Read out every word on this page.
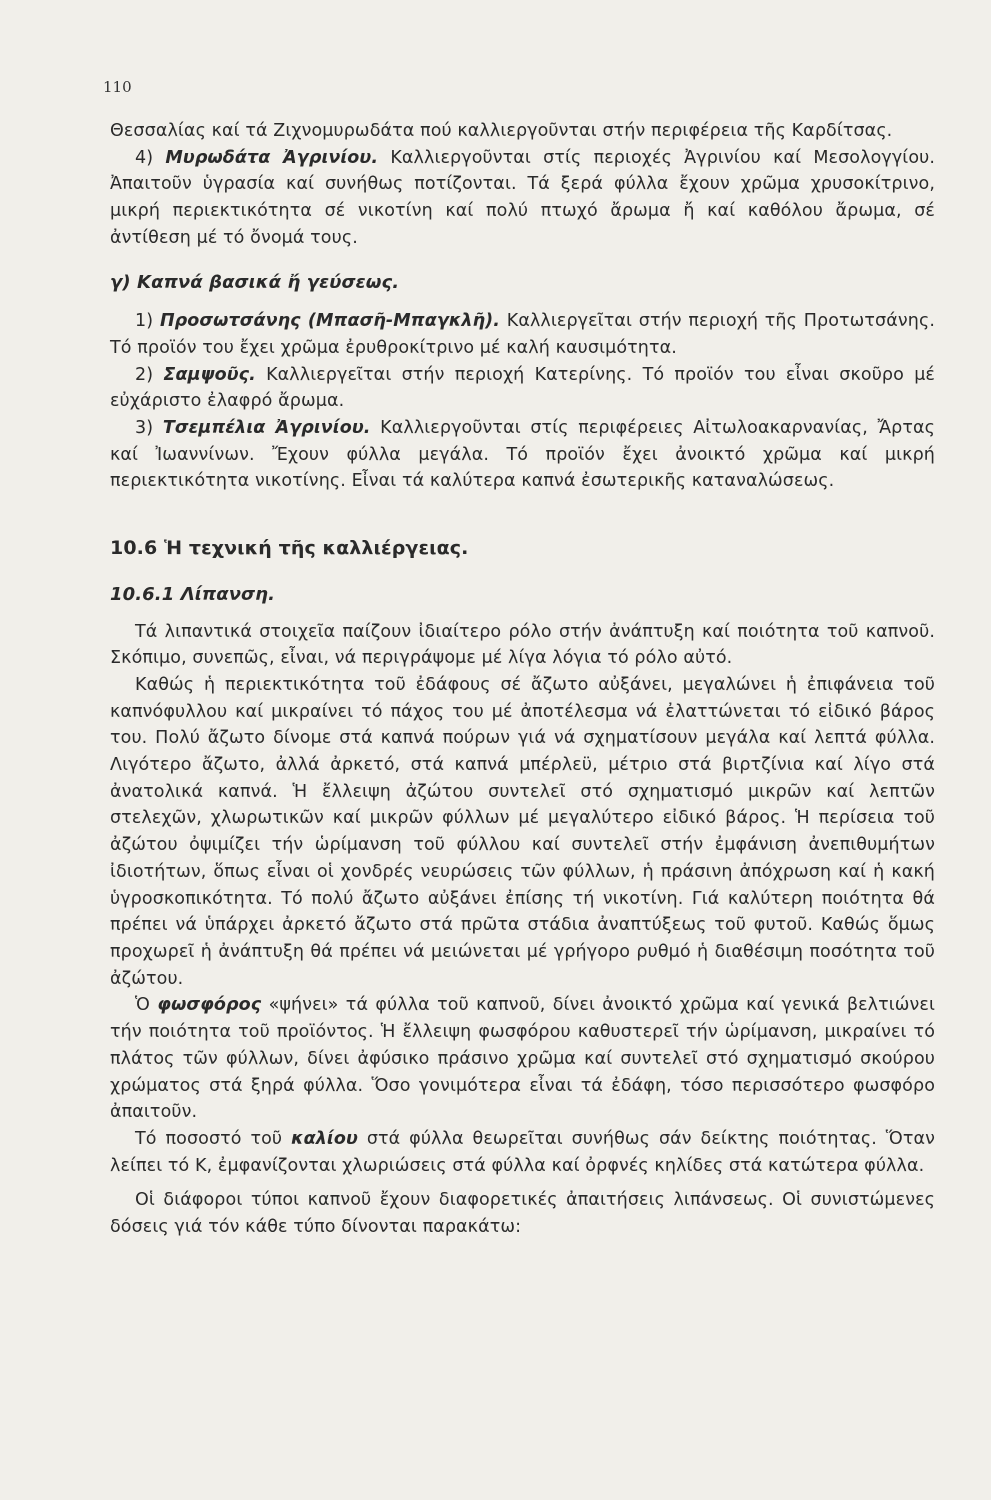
110

Θεσσαλίας καί τά Ζιχνομυρωδάτα πού καλλιεργοῦνται στήν περιφέρεια τῆς Καρδίτσας.

4) Μυρωδάτα Ἀγρινίου. Καλλιεργοῦνται στίς περιοχές Ἀγρινίου καί Μεσολογγίου. Ἀπαιτοῦν ὑγρασία καί συνήθως ποτίζονται. Τά ξερά φύλλα ἔχουν χρῶμα χρυσοκίτρινο, μικρή περιεκτικότητα σέ νικοτίνη καί πολύ πτωχό ἄρωμα ἤ καί καθόλου ἄρωμα, σέ ἀντίθεση μέ τό ὄνομά τους.

γ) Καπνά βασικά ἤ γεύσεως.

1) Προσωτσάνης (Μπασῆ-Μπαγκλῆ). Καλλιεργεῖται στήν περιοχή τῆς Προτωτσάνης. Τό προϊόν του ἔχει χρῶμα ἐρυθροκίτρινο μέ καλή καυσιμότητα.

2) Σαμψοῦς. Καλλιεργεῖται στήν περιοχή Κατερίνης. Τό προϊόν του εἶναι σκοῦρο μέ εὐχάριστο ἐλαφρό ἄρωμα.

3) Τσεμπέλια Ἀγρινίου. Καλλιεργοῦνται στίς περιφέρειες Αἰτωλοακαρνανίας, Ἄρτας καί Ἰωαννίνων. Ἔχουν φύλλα μεγάλα. Τό προϊόν ἔχει ἀνοικτό χρῶμα καί μικρή περιεκτικότητα νικοτίνης. Εἶναι τά καλύτερα καπνά ἐσωτερικῆς καταναλώσεως.

10.6 Ἡ τεχνική τῆς καλλιέργειας.
10.6.1 Λίπανση.

Τά λιπαντικά στοιχεῖα παίζουν ἰδιαίτερο ρόλο στήν ἀνάπτυξη καί ποιότητα τοῦ καπνοῦ. Σκόπιμο, συνεπῶς, εἶναι, νά περιγράψομε μέ λίγα λόγια τό ρόλο αὐτό.

Καθώς ἡ περιεκτικότητα τοῦ ἐδάφους σέ ἄζωτο αὐξάνει, μεγαλώνει ἡ ἐπιφάνεια τοῦ καπνόφυλλου καί μικραίνει τό πάχος του μέ ἀποτέλεσμα νά ἐλαττώνεται τό εἰδικό βάρος του. Πολύ ἄζωτο δίνομε στά καπνά πούρων γιά νά σχηματίσουν μεγάλα καί λεπτά φύλλα. Λιγότερο ἄζωτο, ἀλλά ἀρκετό, στά καπνά μπέρλεϋ, μέτριο στά βιρτζίνια καί λίγο στά ἀνατολικά καπνά. Ἡ ἔλλειψη ἀζώτου συντελεῖ στό σχηματισμό μικρῶν καί λεπτῶν στελεχῶν, χλωρωτικῶν καί μικρῶν φύλλων μέ μεγαλύτερο εἰδικό βάρος. Ἡ περίσεια τοῦ ἀζώτου ὀψιμίζει τήν ὡρίμανση τοῦ φύλλου καί συντελεῖ στήν ἐμφάνιση ἀνεπιθυμήτων ἰδιοτήτων, ὅπως εἶναι οἱ χονδρές νευρώσεις τῶν φύλλων, ἡ πράσινη ἀπόχρωση καί ἡ κακή ὑγροσκοπικότητα. Τό πολύ ἄζωτο αὐξάνει ἐπίσης τή νικοτίνη. Γιά καλύτερη ποιότητα θά πρέπει νά ὑπάρχει ἀρκετό ἄζωτο στά πρῶτα στάδια ἀναπτύξεως τοῦ φυτοῦ. Καθώς ὅμως προχωρεῖ ἡ ἀνάπτυξη θά πρέπει νά μειώνεται μέ γρήγορο ρυθμό ἡ διαθέσιμη ποσότητα τοῦ ἀζώτου.

Ὁ φωσφόρος «ψήνει» τά φύλλα τοῦ καπνοῦ, δίνει ἀνοικτό χρῶμα καί γενικά βελτιώνει τήν ποιότητα τοῦ προϊόντος. Ἡ ἔλλειψη φωσφόρου καθυστερεῖ τήν ὡρίμανση, μικραίνει τό πλάτος τῶν φύλλων, δίνει ἀφύσικο πράσινο χρῶμα καί συντελεῖ στό σχηματισμό σκούρου χρώματος στά ξηρά φύλλα. Ὅσο γονιμότερα εἶναι τά ἐδάφη, τόσο περισσότερο φωσφόρο ἀπαιτοῦν.

Τό ποσοστό τοῦ καλίου στά φύλλα θεωρεῖται συνήθως σάν δείκτης ποιότητας. Ὅταν λείπει τό Κ, ἐμφανίζονται χλωριώσεις στά φύλλα καί ὀρφνές κηλίδες στά κατώτερα φύλλα.

Οἱ διάφοροι τύποι καπνοῦ ἔχουν διαφορετικές ἀπαιτήσεις λιπάνσεως. Οἱ συνιστώμενες δόσεις γιά τόν κάθε τύπο δίνονται παρακάτω:
